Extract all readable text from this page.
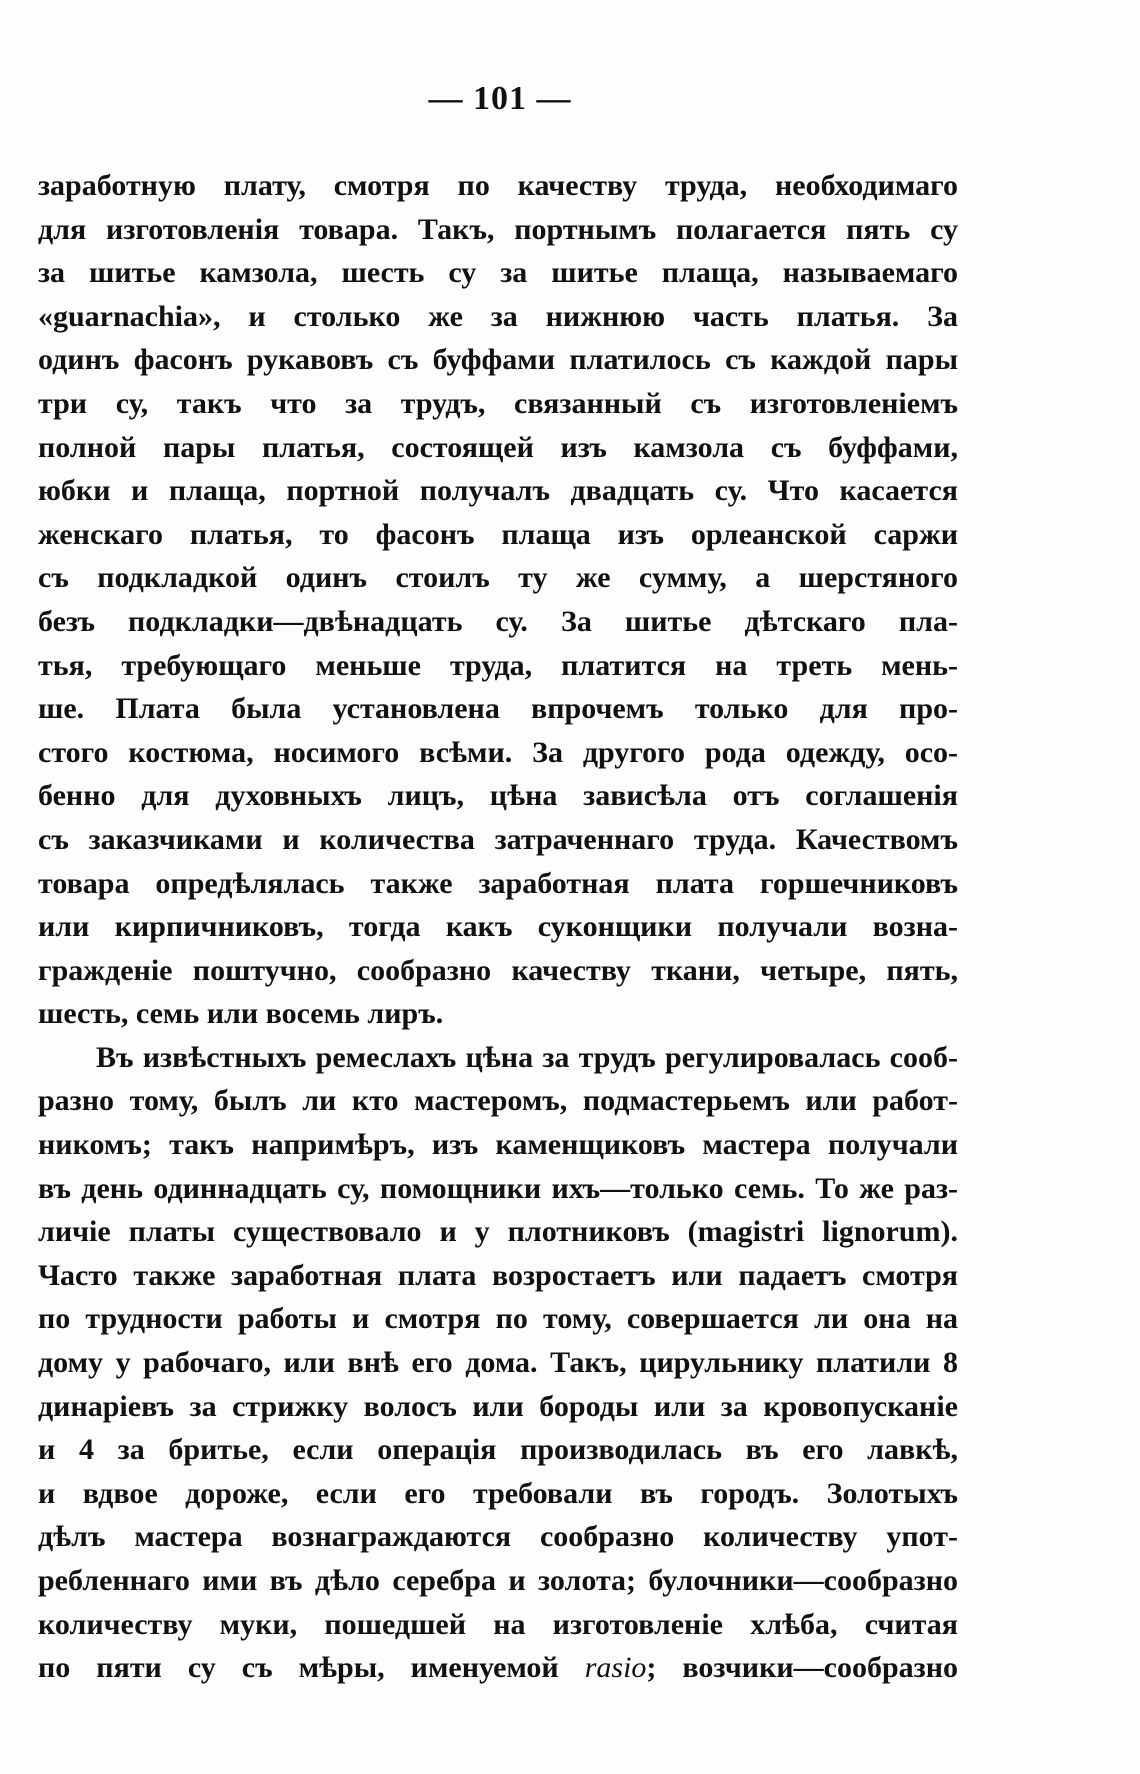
— 101 —
заработную плату, смотря по качеству труда, необходимаго
для изготовленія товара. Такъ, портнымъ полагается пять су
за шитье камзола, шесть су за шитье плаща, называемаго
«guarnachia», и столько же за нижнюю часть платья. За
одинъ фасонъ рукавовъ съ буффами платилось съ каждой пары
три су, такъ что за трудъ, связанный съ изготовленіемъ
полной пары платья, состоящей изъ камзола съ буффами,
юбки и плаща, портной получалъ двадцать су. Что касается
женскаго платья, то фасонъ плаща изъ орлеанской саржи
съ подкладкой одинъ стоилъ ту же сумму, а шерстяного
безъ подкладки—двѣнадцать су. За шитье дѣтскаго пла-
тья, требующаго меньше труда, платится на треть мень-
ше. Плата была установлена впрочемъ только для про-
стого костюма, носимого всѣми. За другого рода одежду, осо-
бенно для духовныхъ лицъ, цѣна зависѣла отъ соглашенія
съ заказчиками и количества затраченнаго труда. Качествомъ
товара опредѣлялась также заработная плата горшечниковъ
или кирпичниковъ, тогда какъ суконщики получали возна-
гражденіе поштучно, сообразно качеству ткани, четыре, пять,
шесть, семь или восемь лиръ.
Въ извѣстныхъ ремеслахъ цѣна за трудъ регулировалась сооб-
разно тому, былъ ли кто мастеромъ, подмастерьемъ или работ-
никомъ; такъ напримѣръ, изъ каменщиковъ мастера получали
въ день одиннадцать су, помощники ихъ—только семь. То же раз-
личіе платы существовало и у плотниковъ (magistri lignorum).
Часто также заработная плата возростаетъ или падаетъ смотря
по трудности работы и смотря по тому, совершается ли она на
дому у рабочаго, или внѣ его дома. Такъ, цирульнику платили 8
динаріевъ за стрижку волосъ или бороды или за кровопусканіе
и 4 за бритье, если операція производилась въ его лавкѣ,
и вдвое дороже, если его требовали въ городъ. Золотыхъ
дѣлъ мастера вознаграждаются сообразно количеству упот-
ребленнаго ими въ дѣло серебра и золота; булочники—сообразно
количеству муки, пошедшей на изготовленіе хлѣба, считая
по пяти су съ мѣры, именуемой rasio; возчики—сообразно
